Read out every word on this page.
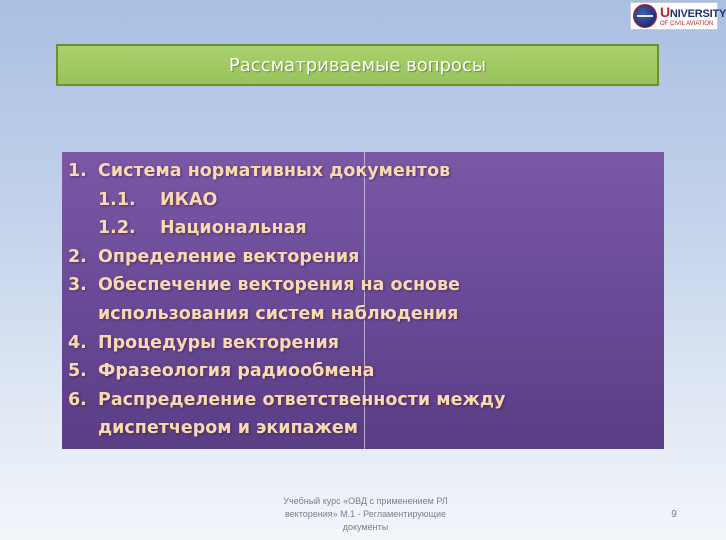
UNIVERSITY
OF CIVIL AVIATION
Рассматриваемые вопросы
1. Система нормативных документов
1.1. ИКАО
1.2. Национальная
2. Определение векторения
3. Обеспечение векторения на основе
использования систем наблюдения
4. Процедуры векторения
5. Фразеология радиообмена
6. Распределение ответственности между
диспетчером и экипажем
Учебный курс «ОВД с применением РЛ
векторения» М.1 - Регламентирующие
документы
9
